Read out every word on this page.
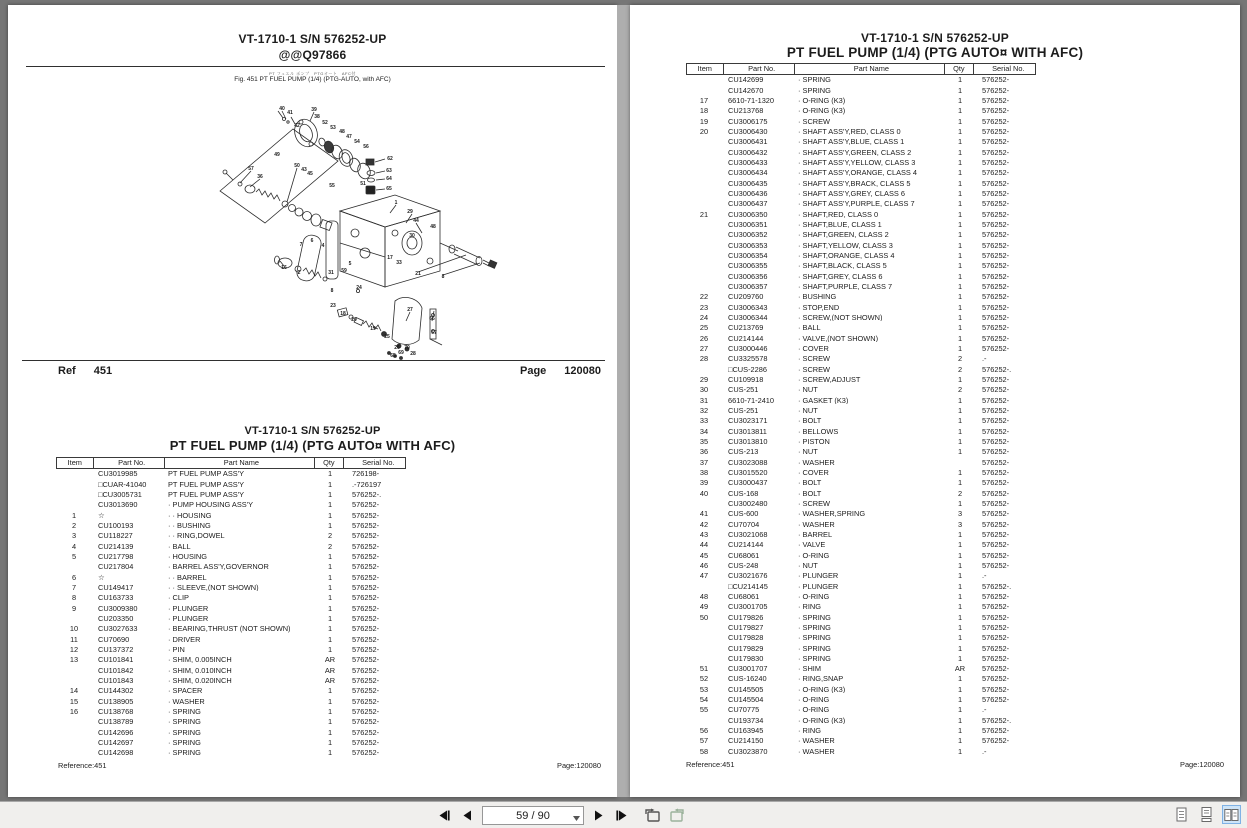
VT-1710-1 S/N 576252-UP
@@Q97866
PT フュエル ポンプ　PTGオート　AFC付
Fig. 451 PT FUEL PUMP (1/4) (PTG-AUTO, with AFC)
40
41
42
39
38
52
53
48
47
54
56
62
63
64
65
57
36
49
50
43
45
55	51
44
48
30
29
1
7
6
4
5
59
31
2
16
17
33
21	8
24
8
23
18
20
19
25
27
66
67
26 70
69
65	28
Ref 451	Page 120080
VT-1710-1 S/N 576252-UP
PT FUEL PUMP (1/4) (PTG AUTO¤ WITH AFC)
Item	Part No.	Part Name	Qty	Serial No.
CU3019985	PT FUEL PUMP ASS'Y	1	726198-
□CUAR-41040	PT FUEL PUMP ASS'Y	1	.-726197
□CU3005731	PT FUEL PUMP ASS'Y	1	576252-.
CU3013690	· PUMP HOUSING ASS'Y	1	576252-
1	☆	· · HOUSING	1	576252-
2	CU100193	· · BUSHING	1	576252-
3	CU118227	· · RING,DOWEL	2	576252-
4	CU214139	· BALL	2	576252-
5	CU217798	· HOUSING	1	576252-
CU217804	· BARREL ASS'Y,GOVERNOR	1	576252-
6	☆	· · BARREL	1	576252-
7	CU149417	· · SLEEVE,(NOT SHOWN)	1	576252-
8	CU163733	· CLIP	1	576252-
9	CU3009380	· PLUNGER	1	576252-
CU203350	· PLUNGER	1	576252-
10	CU3027633	· BEARING,THRUST (NOT SHOWN)	1	576252-
11	CU70690	· DRIVER	1	576252-
12	CU137372	· PIN	1	576252-
13	CU101841	· SHIM, 0.005INCH	AR	576252-
CU101842	· SHIM, 0.010INCH	AR	576252-
CU101843	· SHIM, 0.020INCH	AR	576252-
14	CU144302	· SPACER	1	576252-
15	CU138905	· WASHER	1	576252-
16	CU138768	· SPRING	1	576252-
CU138789	· SPRING	1	576252-
CU142696	· SPRING	1	576252-
CU142697	· SPRING	1	576252-
CU142698	· SPRING	1	576252-
Reference:451	Page:120080
VT-1710-1 S/N 576252-UP
PT FUEL PUMP (1/4) (PTG AUTO¤ WITH AFC)
Item	Part No.	Part Name	Qty	Serial No.
CU142699	· SPRING	1	576252-
CU142670	· SPRING	1	576252-
17	6610-71-1320	· O-RING (K3)	1	576252-
18	CU213768	· O-RING (K3)	1	576252-
19	CU3006175	· SCREW	1	576252-
20	CU3006430	· SHAFT ASS'Y,RED, CLASS 0	1	576252-
CU3006431	· SHAFT ASS'Y,BLUE, CLASS 1	1	576252-
CU3006432	· SHAFT ASS'Y,GREEN, CLASS 2	1	576252-
CU3006433	· SHAFT ASS'Y,YELLOW, CLASS 3	1	576252-
CU3006434	· SHAFT ASS'Y,ORANGE, CLASS 4	1	576252-
CU3006435	· SHAFT ASS'Y,BRACK, CLASS 5	1	576252-
CU3006436	· SHAFT ASS'Y,GREY, CLASS 6	1	576252-
CU3006437	· SHAFT ASS'Y,PURPLE, CLASS 7	1	576252-
21	CU3006350	· SHAFT,RED, CLASS 0	1	576252-
CU3006351	· SHAFT,BLUE, CLASS 1	1	576252-
CU3006352	· SHAFT,GREEN, CLASS 2	1	576252-
CU3006353	· SHAFT,YELLOW, CLASS 3	1	576252-
CU3006354	· SHAFT,ORANGE, CLASS 4	1	576252-
CU3006355	· SHAFT,BLACK, CLASS 5	1	576252-
CU3006356	· SHAFT,GREY, CLASS 6	1	576252-
CU3006357	· SHAFT,PURPLE, CLASS 7	1	576252-
22	CU209760	· BUSHING	1	576252-
23	CU3006343	· STOP,END	1	576252-
24	CU3006344	· SCREW,(NOT SHOWN)	1	576252-
25	CU213769	· BALL	1	576252-
26	CU214144	· VALVE,(NOT SHOWN)	1	576252-
27	CU3000446	· COVER	1	576252-
28	CU3325578	· SCREW	2	.-
□CUS-2286	· SCREW	2	576252-.
29	CU109918	· SCREW,ADJUST	1	576252-
30	CUS-251	· NUT	2	576252-
31	6610-71-2410	· GASKET (K3)	1	576252-
32	CUS-251	· NUT	1	576252-
33	CU3023171	· BOLT	1	576252-
34	CU3013811	· BELLOWS	1	576252-
35	CU3013810	· PISTON	1	576252-
36	CUS-213	· NUT	1	576252-
37	CU3023088	· WASHER	576252-
38	CU3015520	· COVER	1	576252-
39	CU3000437	· BOLT	1	576252-
40	CUS-168	· BOLT	2	576252-
CU3002480	· SCREW	1	576252-
41	CUS-600	· WASHER,SPRING	3	576252-
42	CU70704	· WASHER	3	576252-
43	CU3021068	· BARREL	1	576252-
44	CU214144	· VALVE	1	576252-
45	CU68061	· O-RING	1	576252-
46	CUS-248	· NUT	1	576252-
47	CU3021676	· PLUNGER	1	.-
□CU214145	· PLUNGER	1	576252-.
48	CU68061	· O-RING	1	576252-
49	CU3001705	· RING	1	576252-
50	CU179826	· SPRING	1	576252-
CU179827	· SPRING	1	576252-
CU179828	· SPRING	1	576252-
CU179829	· SPRING	1	576252-
CU179830	· SPRING	1	576252-
51	CU3001707	· SHIM	AR	576252-
52	CUS-16240	· RING,SNAP	1	576252-
53	CU145505	· O-RING (K3)	1	576252-
54	CU145504	· O-RING	1	576252-
55	CU70775	· O-RING	1	.-
CU193734	· O-RING (K3)	1	576252-.
56	CU163945	· RING	1	576252-
57	CU214150	· WASHER	1	576252-
58	CU3023870	· WASHER	1	.-
Reference:451	Page:120080
59 / 90
